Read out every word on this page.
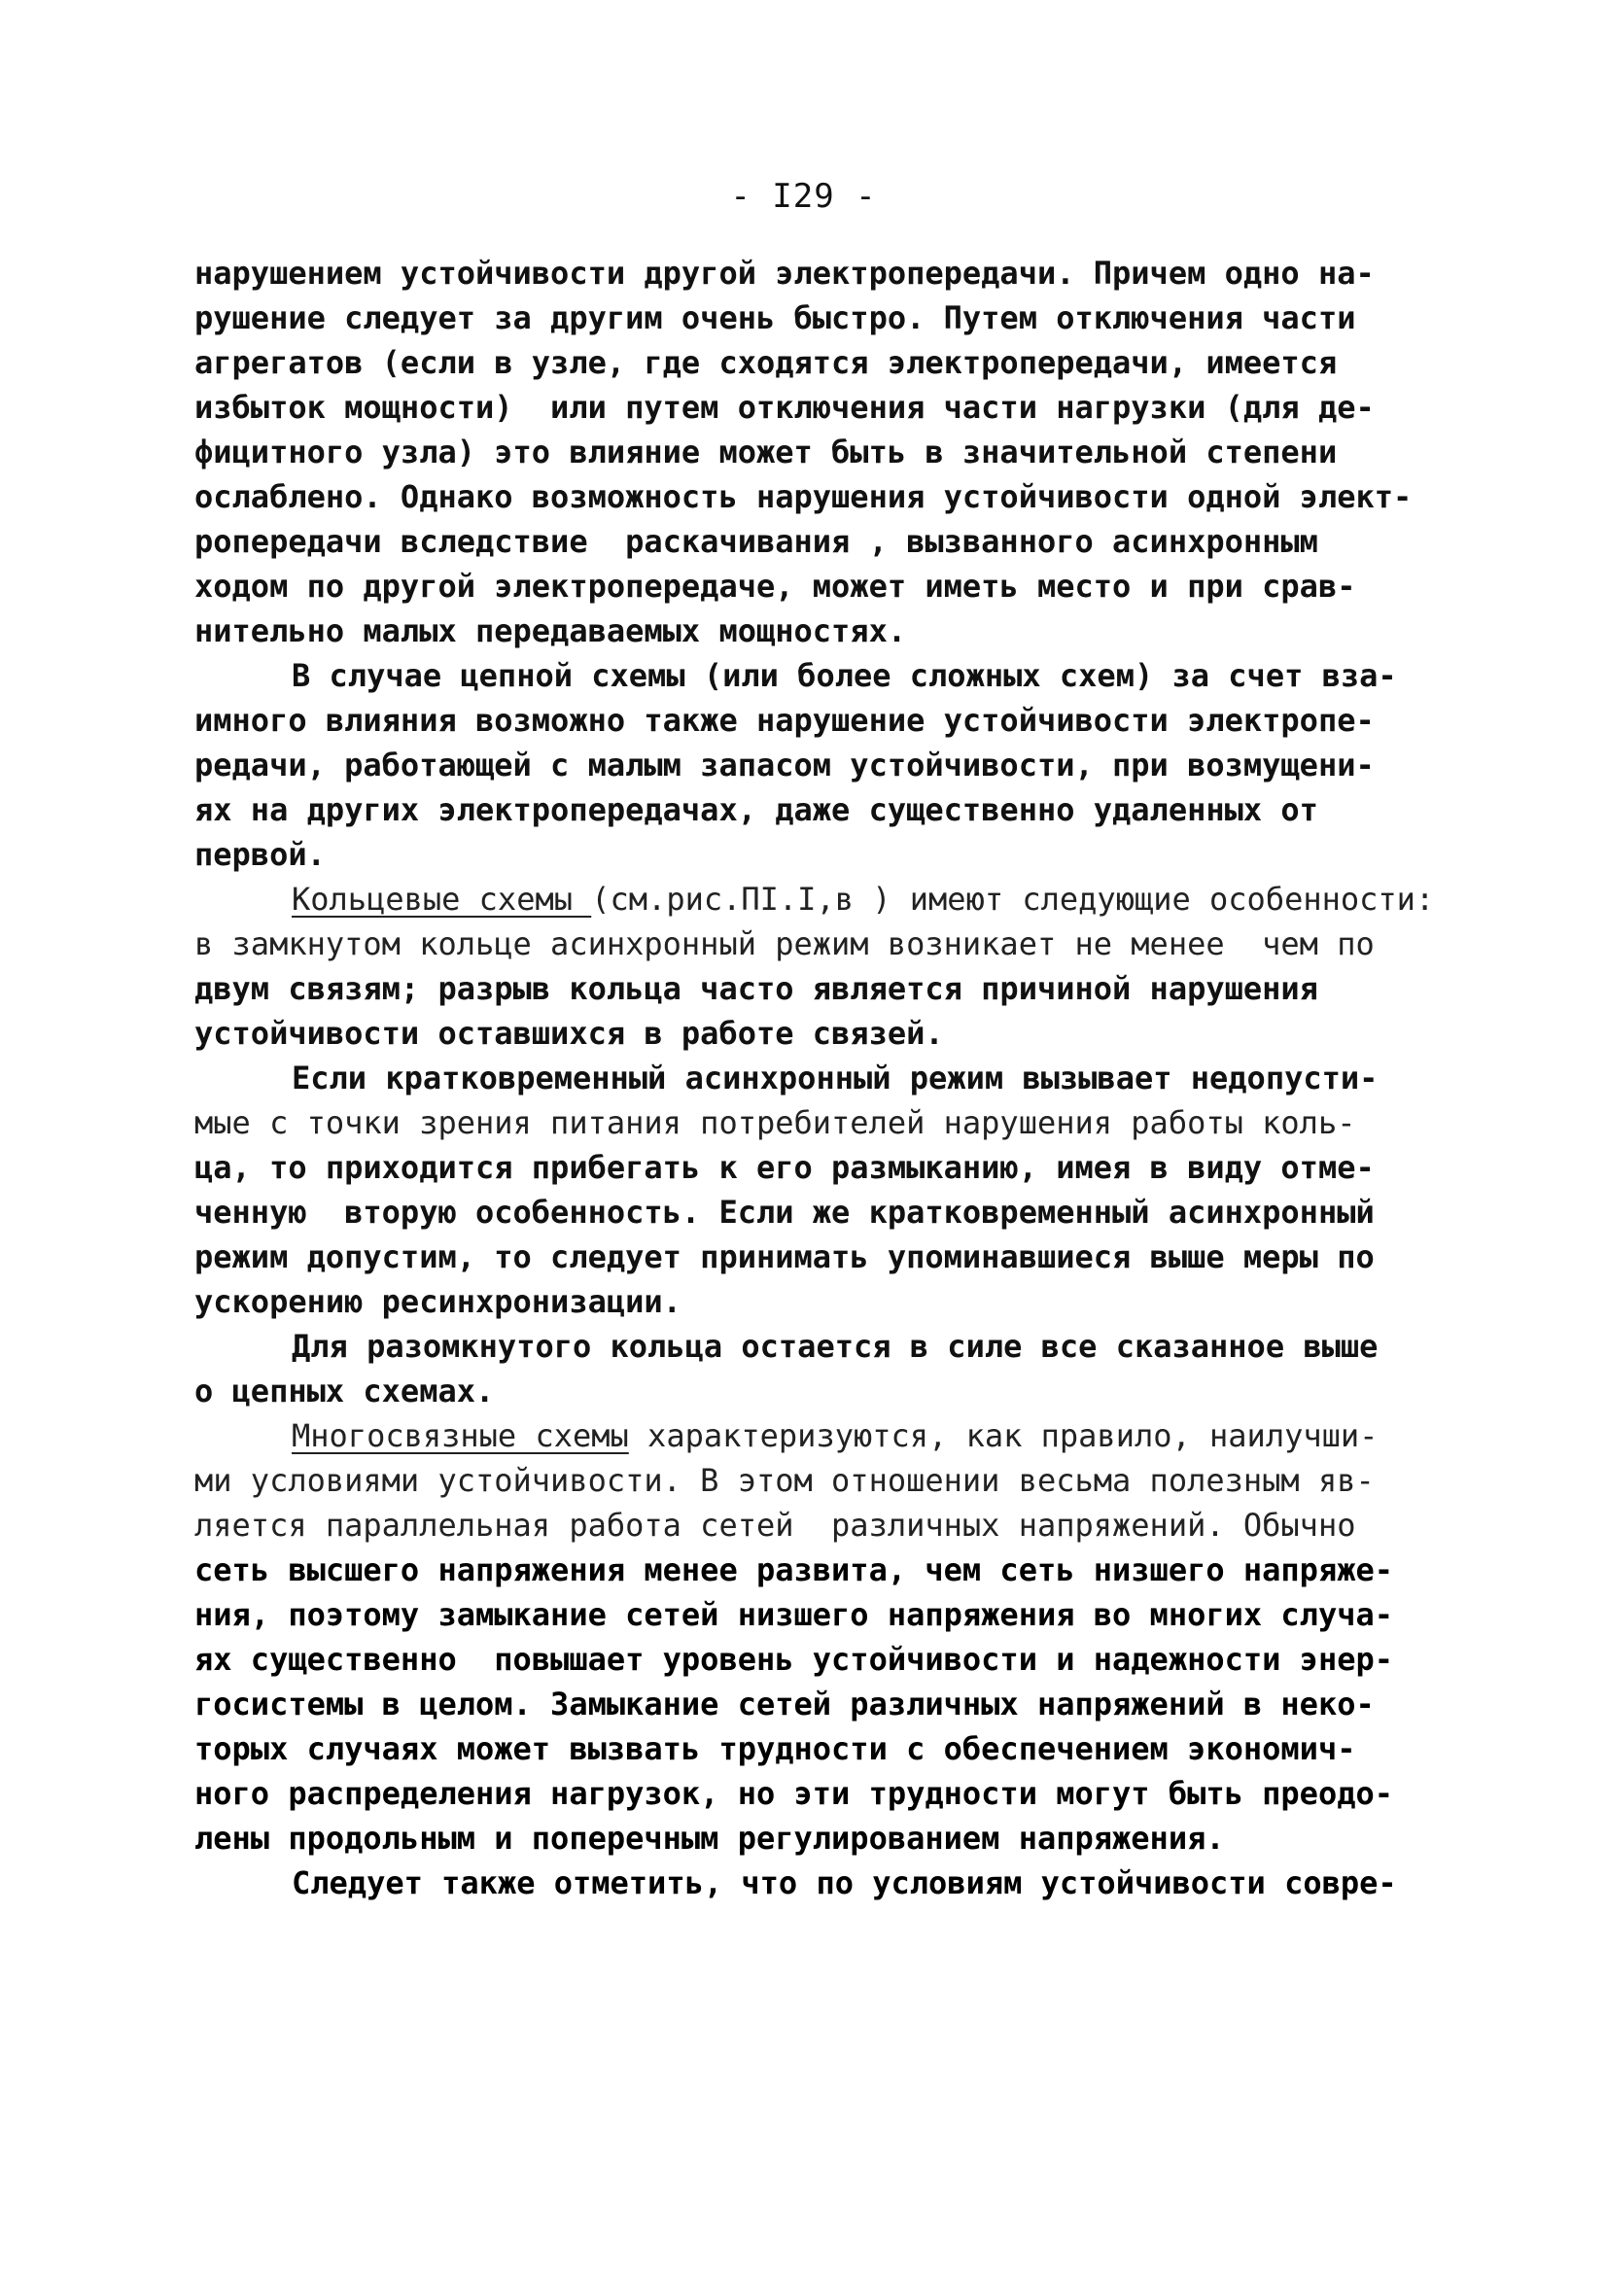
- I29 -
нарушением устойчивости другой электропередачи. Причем одно на-
рушение следует за другим очень быстро. Путем отключения части
агрегатов (если в узле, где сходятся электропередачи, имеется
избыток мощности)  или путем отключения части нагрузки (для де-
фицитного узла) это влияние может быть в значительной степени
ослаблено. Однако возможность нарушения устойчивости одной элект-
ропередачи вследствие  раскачивания , вызванного асинхронным
ходом по другой электропередаче, может иметь место и при срав-
нительно малых передаваемых мощностях.
В случае цепной схемы (или более сложных схем) за счет вза-
имного влияния возможно также нарушение устойчивости электропе-
редачи, работающей с малым запасом устойчивости, при возмущени-
ях на других электропередачах, даже существенно удаленных от
первой.
Кольцевые схемы (см.рис.ПI.I,в ) имеют следующие особенности:
в замкнутом кольце асинхронный режим возникает не менее  чем по
двум связям; разрыв кольца часто является причиной нарушения
устойчивости оставшихся в работе связей.
Если кратковременный асинхронный режим вызывает недопусти-
мые с точки зрения питания потребителей нарушения работы коль-
ца, то приходится прибегать к его размыканию, имея в виду отме-
ченную  вторую особенность. Если же кратковременный асинхронный
режим допустим, то следует принимать упоминавшиеся выше меры по
ускорению ресинхронизации.
Для разомкнутого кольца остается в силе все сказанное выше
о цепных схемах.
Многосвязные схемы характеризуются, как правило, наилучши-
ми условиями устойчивости. В этом отношении весьма полезным яв-
ляется параллельная работа сетей  различных напряжений. Обычно
сеть высшего напряжения менее развита, чем сеть низшего напряже-
ния, поэтому замыкание сетей низшего напряжения во многих случа-
ях существенно  повышает уровень устойчивости и надежности энер-
госистемы в целом. Замыкание сетей различных напряжений в неко-
торых случаях может вызвать трудности с обеспечением экономич-
ного распределения нагрузок, но эти трудности могут быть преодо-
лены продольным и поперечным регулированием напряжения.
Следует также отметить, что по условиям устойчивости совре-
